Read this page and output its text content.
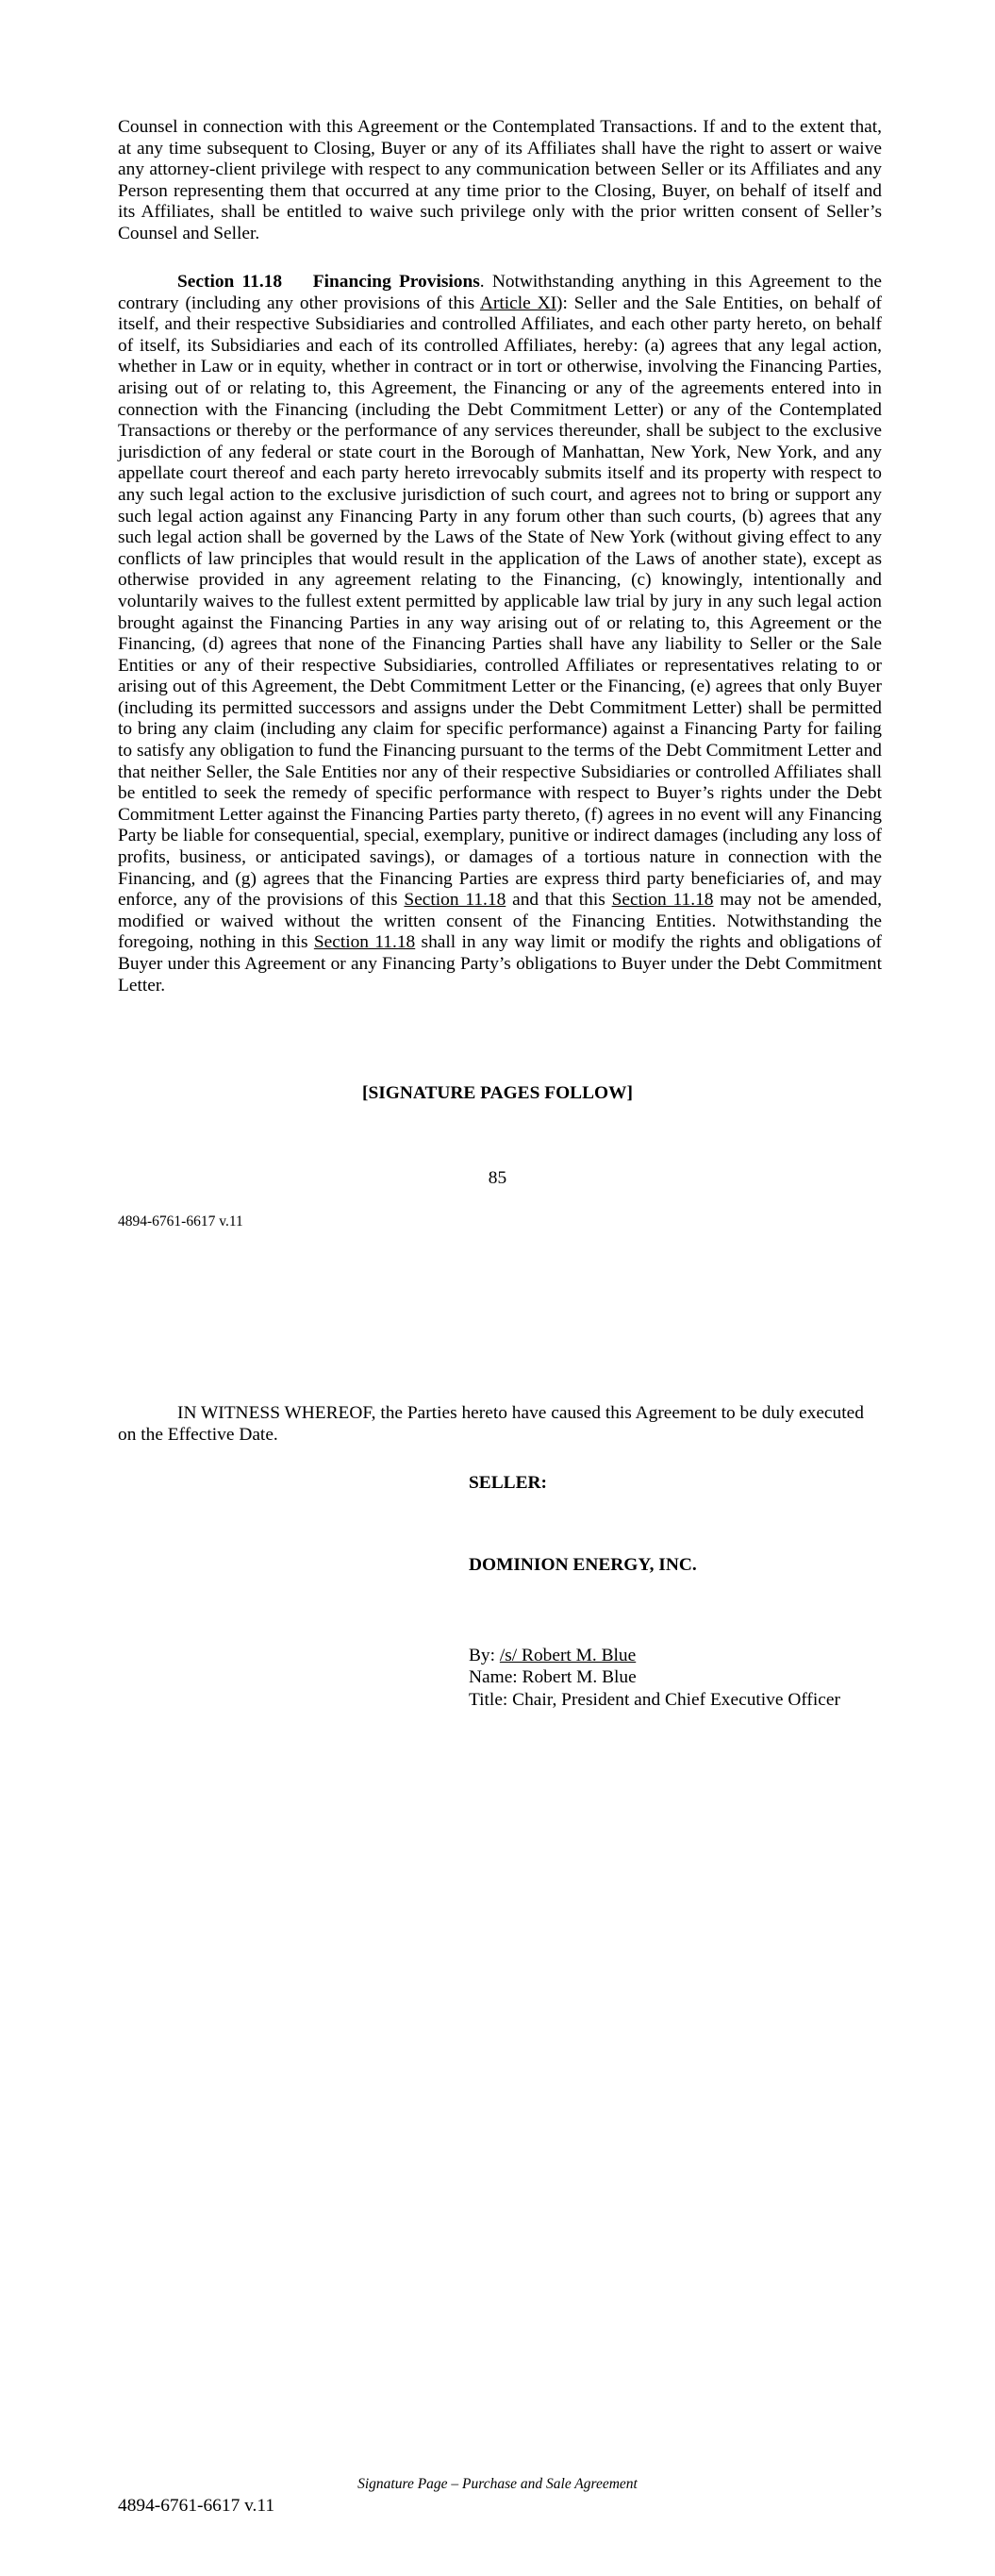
Counsel in connection with this Agreement or the Contemplated Transactions. If and to the extent that, at any time subsequent to Closing, Buyer or any of its Affiliates shall have the right to assert or waive any attorney-client privilege with respect to any communication between Seller or its Affiliates and any Person representing them that occurred at any time prior to the Closing, Buyer, on behalf of itself and its Affiliates, shall be entitled to waive such privilege only with the prior written consent of Seller’s Counsel and Seller.

Section 11.18    Financing Provisions. Notwithstanding anything in this Agreement to the contrary (including any other provisions of this Article XI): Seller and the Sale Entities, on behalf of itself, and their respective Subsidiaries and controlled Affiliates, and each other party hereto, on behalf of itself, its Subsidiaries and each of its controlled Affiliates, hereby: (a) agrees that any legal action, whether in Law or in equity, whether in contract or in tort or otherwise, involving the Financing Parties, arising out of or relating to, this Agreement, the Financing or any of the agreements entered into in connection with the Financing (including the Debt Commitment Letter) or any of the Contemplated Transactions or thereby or the performance of any services thereunder, shall be subject to the exclusive jurisdiction of any federal or state court in the Borough of Manhattan, New York, New York, and any appellate court thereof and each party hereto irrevocably submits itself and its property with respect to any such legal action to the exclusive jurisdiction of such court, and agrees not to bring or support any such legal action against any Financing Party in any forum other than such courts, (b) agrees that any such legal action shall be governed by the Laws of the State of New York (without giving effect to any conflicts of law principles that would result in the application of the Laws of another state), except as otherwise provided in any agreement relating to the Financing, (c) knowingly, intentionally and voluntarily waives to the fullest extent permitted by applicable law trial by jury in any such legal action brought against the Financing Parties in any way arising out of or relating to, this Agreement or the Financing, (d) agrees that none of the Financing Parties shall have any liability to Seller or the Sale Entities or any of their respective Subsidiaries, controlled Affiliates or representatives relating to or arising out of this Agreement, the Debt Commitment Letter or the Financing, (e) agrees that only Buyer (including its permitted successors and assigns under the Debt Commitment Letter) shall be permitted to bring any claim (including any claim for specific performance) against a Financing Party for failing to satisfy any obligation to fund the Financing pursuant to the terms of the Debt Commitment Letter and that neither Seller, the Sale Entities nor any of their respective Subsidiaries or controlled Affiliates shall be entitled to seek the remedy of specific performance with respect to Buyer’s rights under the Debt Commitment Letter against the Financing Parties party thereto, (f) agrees in no event will any Financing Party be liable for consequential, special, exemplary, punitive or indirect damages (including any loss of profits, business, or anticipated savings), or damages of a tortious nature in connection with the Financing, and (g) agrees that the Financing Parties are express third party beneficiaries of, and may enforce, any of the provisions of this Section 11.18 and that this Section 11.18 may not be amended, modified or waived without the written consent of the Financing Entities. Notwithstanding the foregoing, nothing in this Section 11.18 shall in any way limit or modify the rights and obligations of Buyer under this Agreement or any Financing Party’s obligations to Buyer under the Debt Commitment Letter.

[SIGNATURE PAGES FOLLOW]
85
4894-6761-6617 v.11

IN WITNESS WHEREOF, the Parties hereto have caused this Agreement to be duly executed on the Effective Date.

SELLER:
DOMINION ENERGY, INC.
By: /s/ Robert M. Blue
Name: Robert M. Blue
Title: Chair, President and Chief Executive Officer
Signature Page – Purchase and Sale Agreement
4894-6761-6617 v.11
